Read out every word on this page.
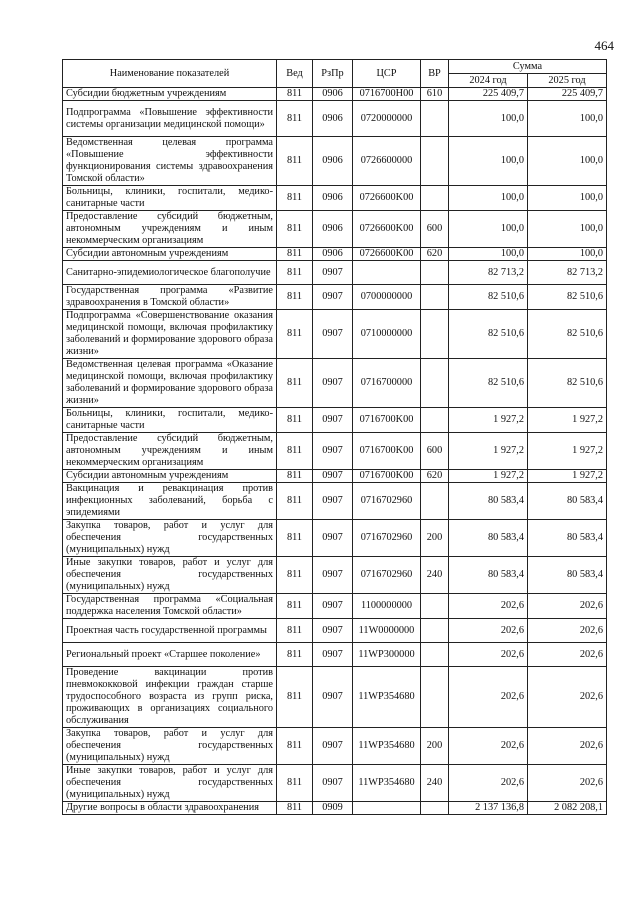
464
Наименование показателей	Вед	РзПр	ЦСР	ВР	Сумма	
					2024 год	2025 год
Субсидии бюджетным учреждениям	811	0906	0716700H00	610	225 409,7	225 409,7
Подпрограмма «Повышение эффективности системы организации медицинской помощи»	811	0906	0720000000		100,0	100,0
Ведомственная целевая программа «Повышение эффективности функционирования системы здравоохранения Томской области»	811	0906	0726600000		100,0	100,0
Больницы, клиники, госпитали, медико-санитарные части	811	0906	0726600K00		100,0	100,0
Предоставление субсидий бюджетным, автономным учреждениям и иным некоммерческим организациям	811	0906	0726600K00	600	100,0	100,0
Субсидии автономным учреждениям	811	0906	0726600K00	620	100,0	100,0
Санитарно-эпидемиологическое благополучие	811	0907			82 713,2	82 713,2
Государственная программа «Развитие здравоохранения в Томской области»	811	0907	0700000000		82 510,6	82 510,6
Подпрограмма «Совершенствование оказания медицинской помощи, включая профилактику заболеваний и формирование здорового образа жизни»	811	0907	0710000000		82 510,6	82 510,6
Ведомственная целевая программа «Оказание медицинской помощи, включая профилактику заболеваний и формирование здорового образа жизни»	811	0907	0716700000		82 510,6	82 510,6
Больницы, клиники, госпитали, медико-санитарные части	811	0907	0716700K00		1 927,2	1 927,2
Предоставление субсидий бюджетным, автономным учреждениям и иным некоммерческим организациям	811	0907	0716700K00	600	1 927,2	1 927,2
Субсидии автономным учреждениям	811	0907	0716700K00	620	1 927,2	1 927,2
Вакцинация и ревакцинация против инфекционных заболеваний, борьба с эпидемиями	811	0907	0716702960		80 583,4	80 583,4
Закупка товаров, работ и услуг для обеспечения государственных (муниципальных) нужд	811	0907	0716702960	200	80 583,4	80 583,4
Иные закупки товаров, работ и услуг для обеспечения государственных (муниципальных) нужд	811	0907	0716702960	240	80 583,4	80 583,4
Государственная программа «Социальная поддержка населения Томской области»	811	0907	1100000000		202,6	202,6
Проектная часть государственной программы	811	0907	11W0000000		202,6	202,6
Региональный проект «Старшее поколение»	811	0907	11WP300000		202,6	202,6
Проведение вакцинации против пневмококковой инфекции граждан старше трудоспособного возраста из групп риска, проживающих в организациях социального обслуживания	811	0907	11WP354680		202,6	202,6
Закупка товаров, работ и услуг для обеспечения государственных (муниципальных) нужд	811	0907	11WP354680	200	202,6	202,6
Иные закупки товаров, работ и услуг для обеспечения государственных (муниципальных) нужд	811	0907	11WP354680	240	202,6	202,6
Другие вопросы в области здравоохранения	811	0909			2 137 136,8	2 082 208,1
